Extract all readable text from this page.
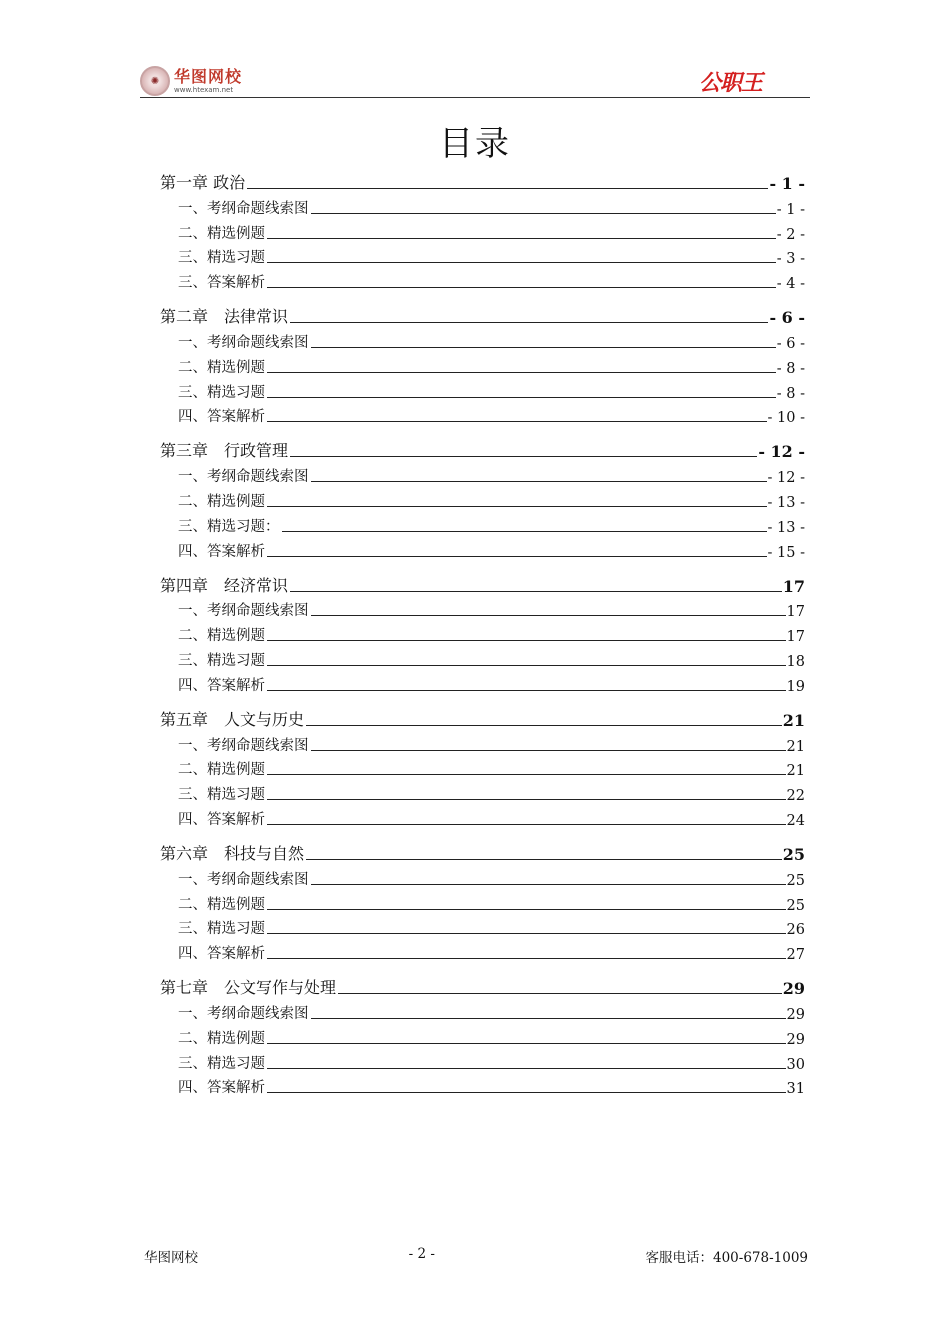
✺ 华图网校
www.htexam.net	公职王
目录
第一章 政治	- 1 -
一、考纲命题线索图	- 1 -
二、精选例题	- 2 -
三、精选习题	- 3 -
三、答案解析	- 4 -
第二章　法律常识	- 6 -
一、考纲命题线索图	- 6 -
二、精选例题	- 8 -
三、精选习题	- 8 -
四、答案解析	- 10 -
第三章　行政管理	- 12 -
一、考纲命题线索图	- 12 -
二、精选例题	- 13 -
三、精选习题：	- 13 -
四、答案解析	- 15 -
第四章　经济常识	17
一、考纲命题线索图	17
二、精选例题	17
三、精选习题	18
四、答案解析	19
第五章　人文与历史	21
一、考纲命题线索图	21
二、精选例题	21
三、精选习题	22
四、答案解析	24
第六章　科技与自然	25
一、考纲命题线索图	25
二、精选例题	25
三、精选习题	26
四、答案解析	27
第七章　公文写作与处理	29
一、考纲命题线索图	29
二、精选例题	29
三、精选习题	30
四、答案解析	31
华图网校	- 2 -	客服电话：400-678-1009
